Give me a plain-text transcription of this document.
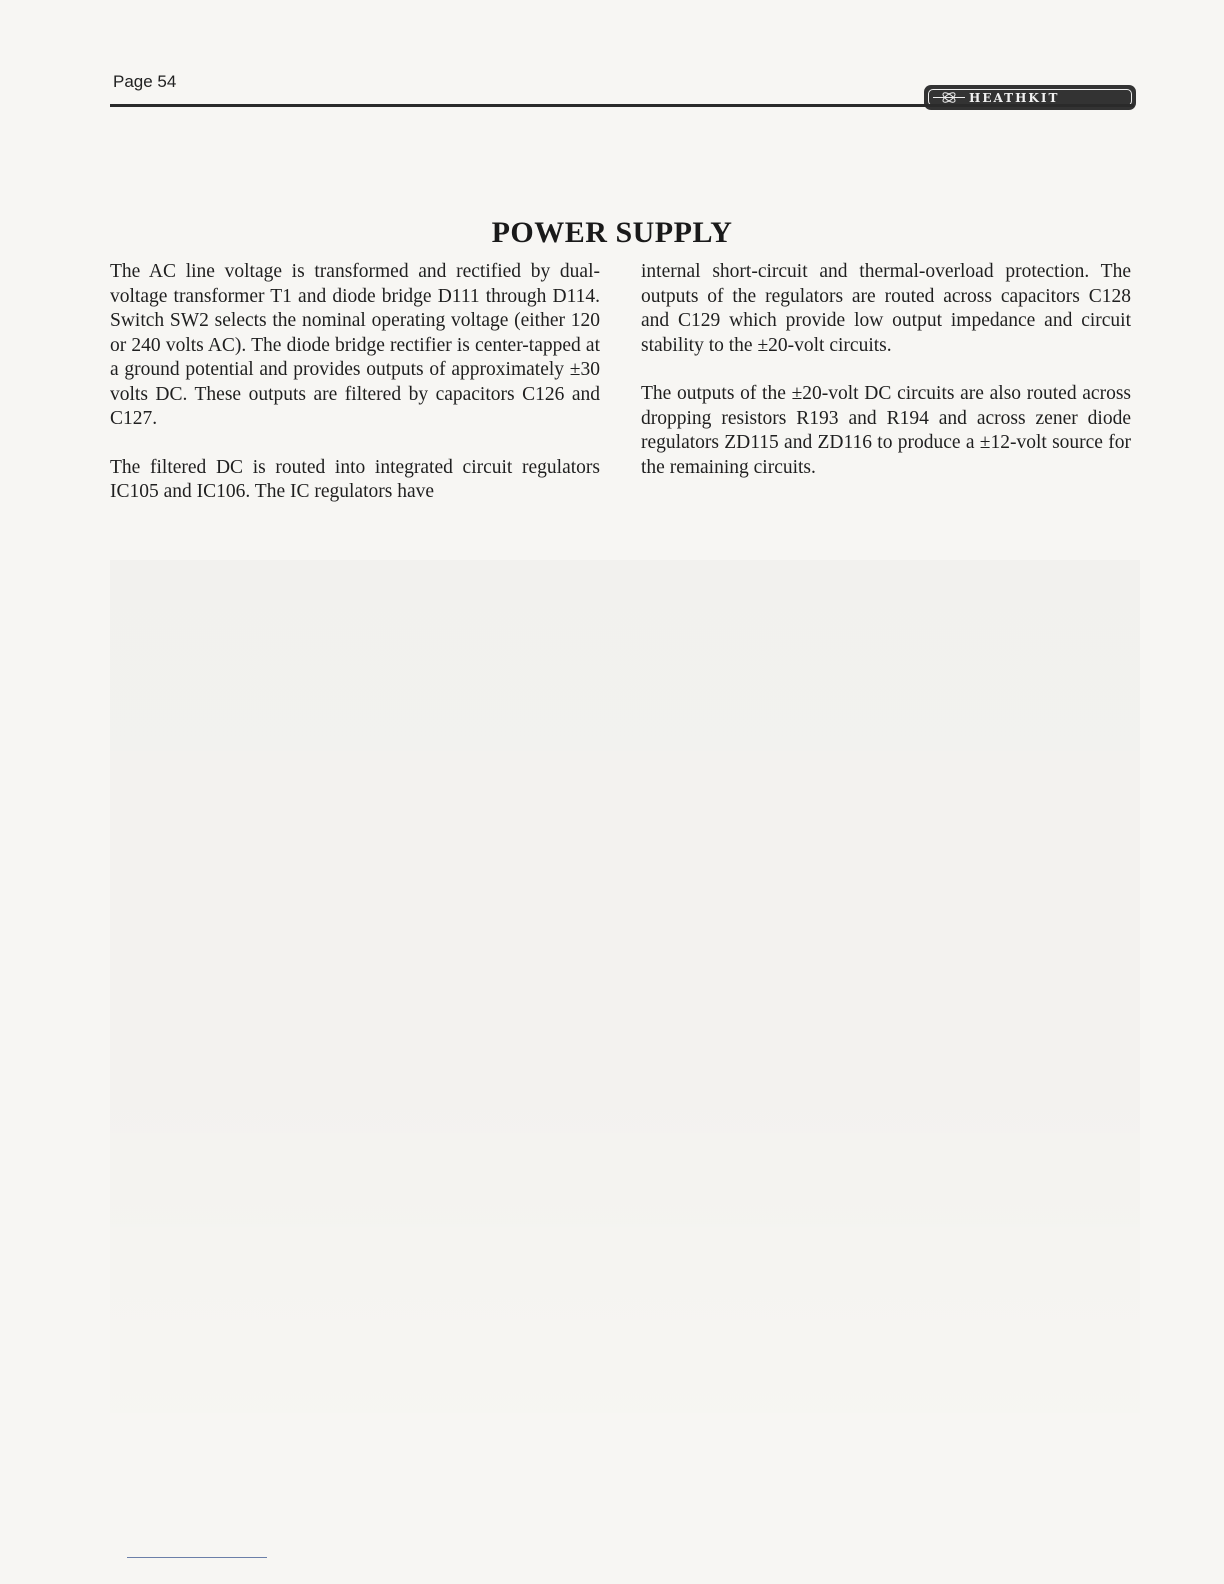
Page 54
HEATHKIT
POWER SUPPLY

The AC line voltage is transformed and rectified by dual-voltage transformer T1 and diode bridge D111 through D114. Switch SW2 selects the nominal operating voltage (either 120 or 240 volts AC). The diode bridge rectifier is center-tapped at a ground potential and provides outputs of approximately ±30 volts DC. These outputs are filtered by capacitors C126 and C127.

The filtered DC is routed into integrated circuit regulators IC105 and IC106. The IC regulators have

internal short-circuit and thermal-overload protection. The outputs of the regulators are routed across capacitors C128 and C129 which provide low output impedance and circuit stability to the ±20-volt circuits.

The outputs of the ±20-volt DC circuits are also routed across dropping resistors R193 and R194 and across zener diode regulators ZD115 and ZD116 to produce a ±12-volt source for the remaining circuits.
